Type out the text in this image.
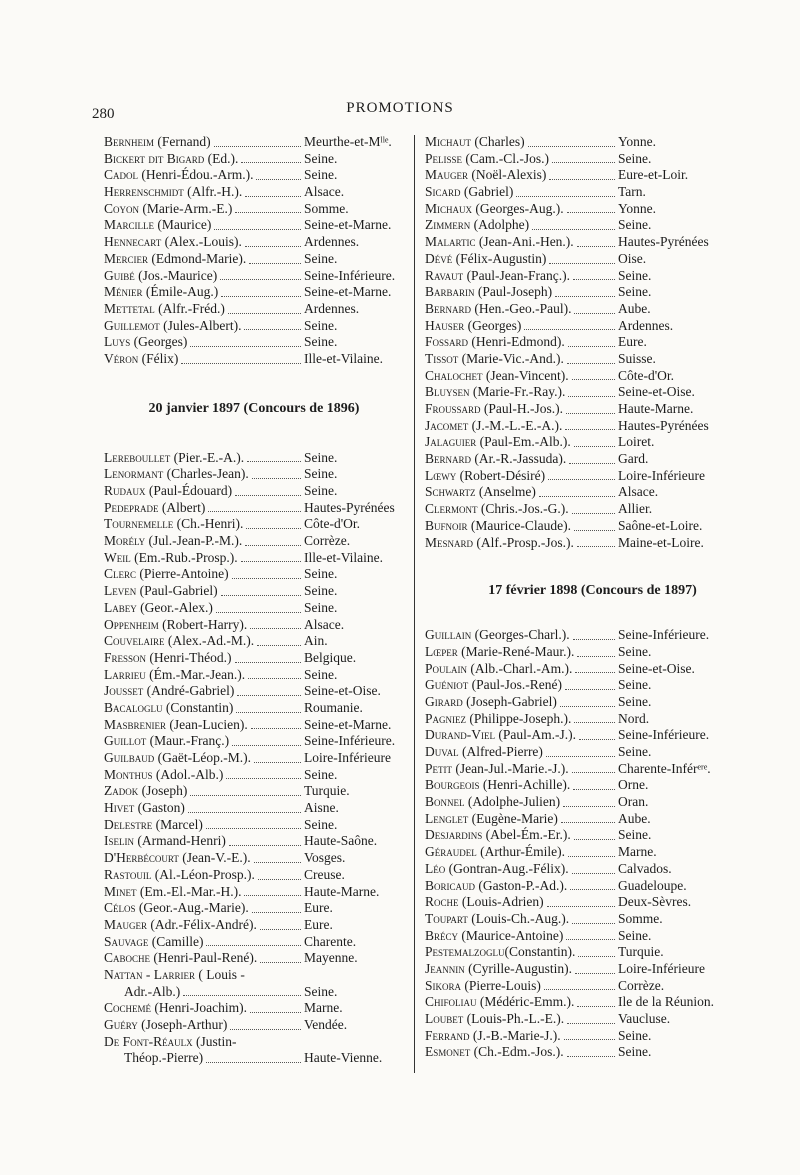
280	PROMOTIONS
Bernheim (Fernand)	Meurthe-et-Mˡˡᵉ.
Bickert dit Bigard (Ed.).	Seine.
Cadol (Henri-Édou.-Arm.).	Seine.
Herrenschmidt (Alfr.-H.).	Alsace.
Coyon (Marie-Arm.-E.)	Somme.
Marcille (Maurice)	Seine-et-Marne.
Hennecart (Alex.-Louis).	Ardennes.
Mercier (Edmond-Marie).	Seine.
Guibé (Jos.-Maurice)	Seine-Inférieure.
Ménier (Émile-Aug.)	Seine-et-Marne.
Mettetal (Alfr.-Fréd.)	Ardennes.
Guillemot (Jules-Albert).	Seine.
Luys (Georges)	Seine.
Véron (Félix)	Ille-et-Vilaine.
20 janvier 1897 (Concours de 1896)
Lereboullet (Pier.-E.-A.).	Seine.
Lenormant (Charles-Jean).	Seine.
Rudaux (Paul-Édouard)	Seine.
Pedeprade (Albert)	Hautes-Pyrénées
Tournemelle (Ch.-Henri).	Côte-d'Or.
Morély (Jul.-Jean-P.-M.).	Corrèze.
Weil (Em.-Rub.-Prosp.).	Ille-et-Vilaine.
Clerc (Pierre-Antoine)	Seine.
Leven (Paul-Gabriel)	Seine.
Labey (Geor.-Alex.)	Seine.
Oppenheim (Robert-Harry).	Alsace.
Couvelaire (Alex.-Ad.-M.).	Ain.
Fresson (Henri-Théod.)	Belgique.
Larrieu (Ém.-Mar.-Jean.).	Seine.
Jousset (André-Gabriel)	Seine-et-Oise.
Bacaloglu (Constantin)	Roumanie.
Masbrenier (Jean-Lucien).	Seine-et-Marne.
Guillot (Maur.-Franç.)	Seine-Inférieure.
Guilbaud (Gaët-Léop.-M.).	Loire-Inférieure
Monthus (Adol.-Alb.)	Seine.
Zadok (Joseph)	Turquie.
Hivet (Gaston)	Aisne.
Delestre (Marcel)	Seine.
Iselin (Armand-Henri)	Haute-Saône.
D'Herbécourt (Jean-V.-E.).	Vosges.
Rastouil (Al.-Léon-Prosp.).	Creuse.
Minet (Em.-El.-Mar.-H.).	Haute-Marne.
Célos (Geor.-Aug.-Marie).	Eure.
Mauger (Adr.-Félix-André).	Eure.
Sauvage (Camille)	Charente.
Caboche (Henri-Paul-René).	Mayenne.
Nattan - Larrier ( Louis -
Adr.-Alb.)	Seine.
Cochemé (Henri-Joachim).	Marne.
Guéry (Joseph-Arthur)	Vendée.
De Font-Réaulx (Justin-
Théop.-Pierre)	Haute-Vienne.
Michaut (Charles)	Yonne.
Pelisse (Cam.-Cl.-Jos.)	Seine.
Mauger (Noël-Alexis)	Eure-et-Loir.
Sicard (Gabriel)	Tarn.
Michaux (Georges-Aug.).	Yonne.
Zimmern (Adolphe)	Seine.
Malartic (Jean-Ani.-Hen.).	Hautes-Pyrénées
Dévé (Félix-Augustin)	Oise.
Ravaut (Paul-Jean-Franç.).	Seine.
Barbarin (Paul-Joseph)	Seine.
Bernard (Hen.-Geo.-Paul).	Aube.
Hauser (Georges)	Ardennes.
Fossard (Henri-Edmond).	Eure.
Tissot (Marie-Vic.-And.).	Suisse.
Chalochet (Jean-Vincent).	Côte-d'Or.
Bluysen (Marie-Fr.-Ray.).	Seine-et-Oise.
Froussard (Paul-H.-Jos.).	Haute-Marne.
Jacomet (J.-M.-L.-E.-A.).	Hautes-Pyrénées
Jalaguier (Paul-Em.-Alb.).	Loiret.
Bernard (Ar.-R.-Jassuda).	Gard.
Lœwy (Robert-Désiré)	Loire-Inférieure
Schwartz (Anselme)	Alsace.
Clermont (Chris.-Jos.-G.).	Allier.
Bufnoir (Maurice-Claude).	Saône-et-Loire.
Mesnard (Alf.-Prosp.-Jos.).	Maine-et-Loire.
17 février 1898 (Concours de 1897)
Guillain (Georges-Charl.).	Seine-Inférieure.
Lœper (Marie-René-Maur.).	Seine.
Poulain (Alb.-Charl.-Am.).	Seine-et-Oise.
Guéniot (Paul-Jos.-René)	Seine.
Girard (Joseph-Gabriel)	Seine.
Pagniez (Philippe-Joseph.).	Nord.
Durand-Viel (Paul-Am.-J.).	Seine-Inférieure.
Duval (Alfred-Pierre)	Seine.
Petit (Jean-Jul.-Marie.-J.).	Charente-Inférᵉʳᵉ.
Bourgeois (Henri-Achille).	Orne.
Bonnel (Adolphe-Julien)	Oran.
Lenglet (Eugène-Marie)	Aube.
Desjardins (Abel-Ém.-Er.).	Seine.
Géraudel (Arthur-Émile).	Marne.
Léo (Gontran-Aug.-Félix).	Calvados.
Boricaud (Gaston-P.-Ad.).	Guadeloupe.
Roche (Louis-Adrien)	Deux-Sèvres.
Toupart (Louis-Ch.-Aug.).	Somme.
Brécy (Maurice-Antoine)	Seine.
Pestemalzoglu(Constantin).	Turquie.
Jeannin (Cyrille-Augustin).	Loire-Inférieure
Sikora (Pierre-Louis)	Corrèze.
Chifoliau (Médéric-Emm.).	Ile de la Réunion.
Loubet (Louis-Ph.-L.-E.).	Vaucluse.
Ferrand (J.-B.-Marie-J.).	Seine.
Esmonet (Ch.-Edm.-Jos.).	Seine.
